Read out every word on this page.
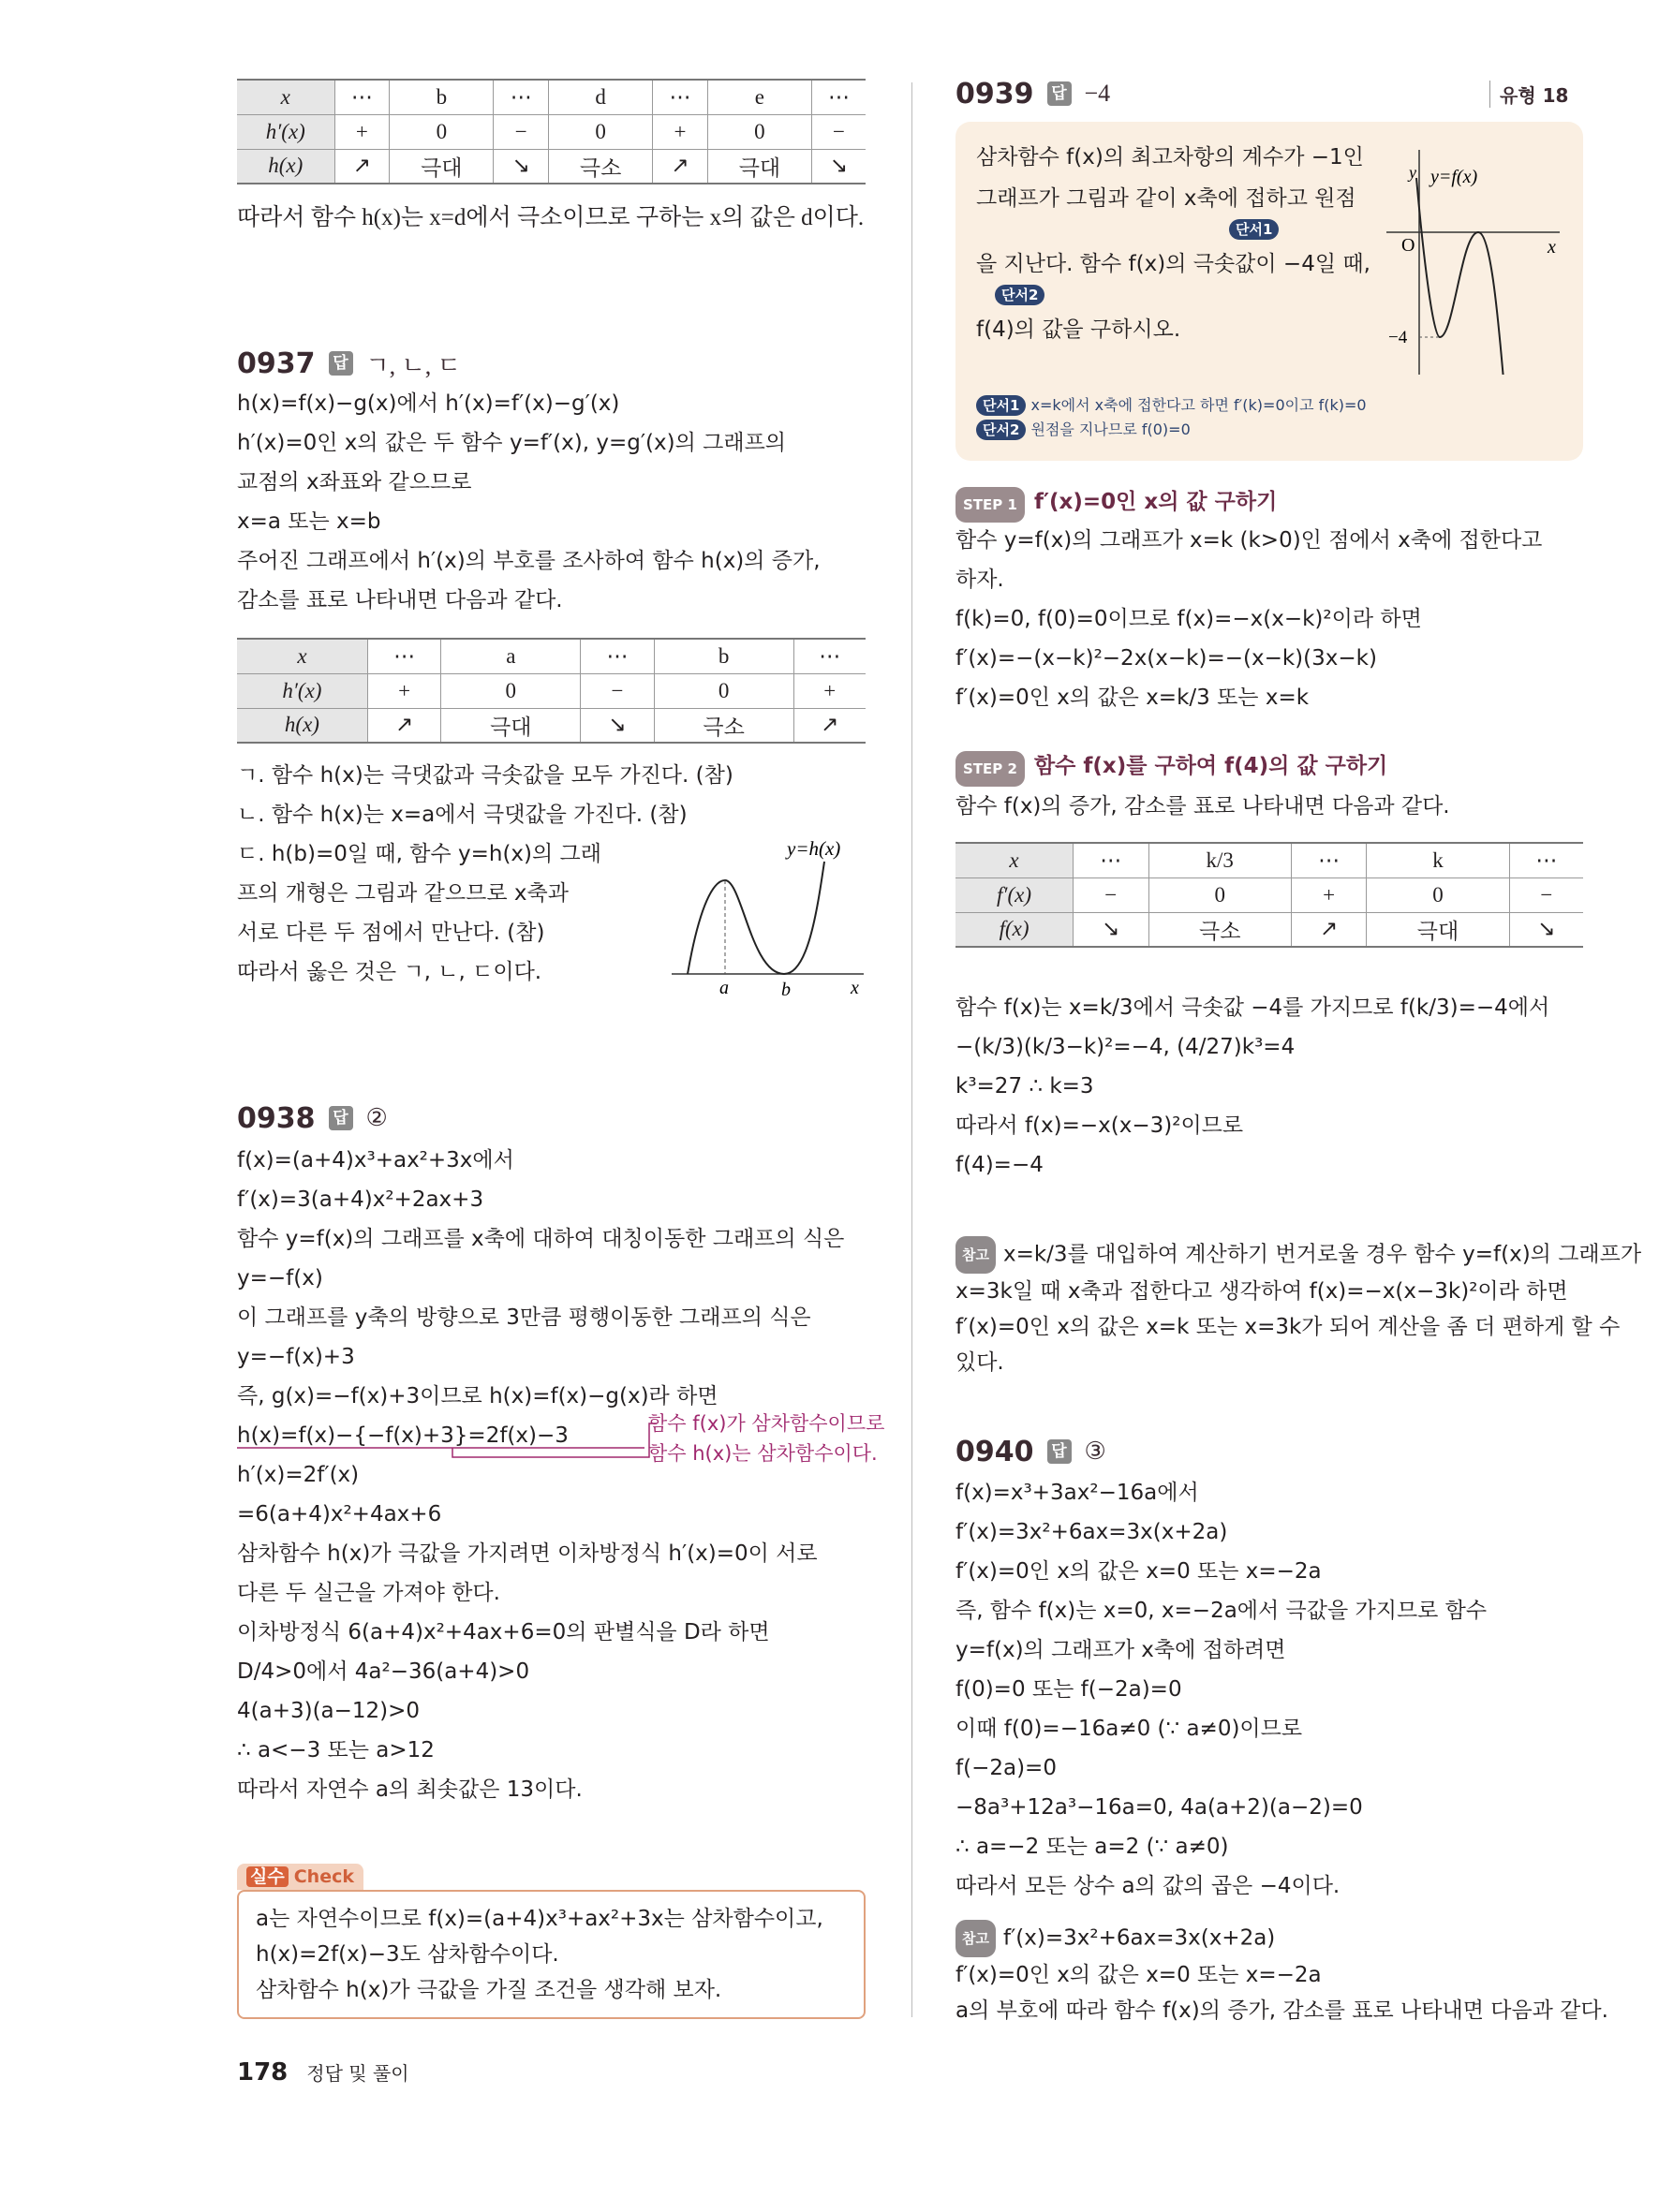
x	⋯	b	⋯	d	⋯	e	⋯
h′(x)	+	0	−	0	+	0	−
h(x)	↗	극대	↘	극소	↗	극대	↘
따라서 함수 h(x)는 x=d에서 극소이므로 구하는 x의 값은 d이다.
0937 답 ㄱ, ㄴ, ㄷ
h(x)=f(x)−g(x)에서 h′(x)=f′(x)−g′(x)
h′(x)=0인 x의 값은 두 함수 y=f′(x), y=g′(x)의 그래프의
교점의 x좌표와 같으므로
x=a 또는 x=b
주어진 그래프에서 h′(x)의 부호를 조사하여 함수 h(x)의 증가,
감소를 표로 나타내면 다음과 같다.
x	⋯	a	⋯	b	⋯
h′(x)	+	0	−	0	+
h(x)	↗	극대	↘	극소	↗
ㄱ. 함수 h(x)는 극댓값과 극솟값을 모두 가진다. (참)
ㄴ. 함수 h(x)는 x=a에서 극댓값을 가진다. (참)
ㄷ. h(b)=0일 때, 함수 y=h(x)의 그래
프의 개형은 그림과 같으므로 x축과
서로 다른 두 점에서 만난다. (참)
따라서 옳은 것은 ㄱ, ㄴ, ㄷ이다.
y=h(x)
a	b	x
0938 답 ②
f(x)=(a+4)x³+ax²+3x에서
f′(x)=3(a+4)x²+2ax+3
함수 y=f(x)의 그래프를 x축에 대하여 대칭이동한 그래프의 식은
y=−f(x)
이 그래프를 y축의 방향으로 3만큼 평행이동한 그래프의 식은
y=−f(x)+3
즉, g(x)=−f(x)+3이므로 h(x)=f(x)−g(x)라 하면
h(x)=f(x)−{−f(x)+3}=2f(x)−3
h′(x)=2f′(x)
=6(a+4)x²+4ax+6
삼차함수 h(x)가 극값을 가지려면 이차방정식 h′(x)=0이 서로
다른 두 실근을 가져야 한다.
이차방정식 6(a+4)x²+4ax+6=0의 판별식을 D라 하면
D/4>0에서 4a²−36(a+4)>0
4(a+3)(a−12)>0
∴ a<−3 또는 a>12
따라서 자연수 a의 최솟값은 13이다.
함수 f(x)가 삼차함수이므로
함수 h(x)는 삼차함수이다.
실수 Check
a는 자연수이므로 f(x)=(a+4)x³+ax²+3x는 삼차함수이고,
h(x)=2f(x)−3도 삼차함수이다.
삼차함수 h(x)가 극값을 가질 조건을 생각해 보자.
178 정답 및 풀이
0939 답 −4	유형 18
삼차함수 f(x)의 최고차항의 계수가 −1인
그래프가 그림과 같이 x축에 접하고 원점
단서1
을 지난다. 함수 f(x)의 극솟값이 −4일 때,
단서2
f(4)의 값을 구하시오.
y=f(x)
y
x
O
−4
단서1 x=k에서 x축에 접한다고 하면 f′(k)=0이고 f(k)=0
단서2 원점을 지나므로 f(0)=0
STEP 1 f′(x)=0인 x의 값 구하기
함수 y=f(x)의 그래프가 x=k (k>0)인 점에서 x축에 접한다고
하자.
f(k)=0, f(0)=0이므로 f(x)=−x(x−k)²이라 하면
f′(x)=−(x−k)²−2x(x−k)=−(x−k)(3x−k)
f′(x)=0인 x의 값은 x=k/3 또는 x=k
STEP 2 함수 f(x)를 구하여 f(4)의 값 구하기
함수 f(x)의 증가, 감소를 표로 나타내면 다음과 같다.
x	⋯	k/3	⋯	k	⋯
f′(x)	−	0	+	0	−
f(x)	↘	극소	↗	극대	↘
함수 f(x)는 x=k/3에서 극솟값 −4를 가지므로 f(k/3)=−4에서
−(k/3)(k/3−k)²=−4, (4/27)k³=4
k³=27 ∴ k=3
따라서 f(x)=−x(x−3)²이므로
f(4)=−4
참고 x=k/3를 대입하여 계산하기 번거로울 경우 함수 y=f(x)의 그래프가
x=3k일 때 x축과 접한다고 생각하여 f(x)=−x(x−3k)²이라 하면
f′(x)=0인 x의 값은 x=k 또는 x=3k가 되어 계산을 좀 더 편하게 할 수
있다.
0940 답 ③
f(x)=x³+3ax²−16a에서
f′(x)=3x²+6ax=3x(x+2a)
f′(x)=0인 x의 값은 x=0 또는 x=−2a
즉, 함수 f(x)는 x=0, x=−2a에서 극값을 가지므로 함수
y=f(x)의 그래프가 x축에 접하려면
f(0)=0 또는 f(−2a)=0
이때 f(0)=−16a≠0 (∵ a≠0)이므로
f(−2a)=0
−8a³+12a³−16a=0, 4a(a+2)(a−2)=0
∴ a=−2 또는 a=2 (∵ a≠0)
따라서 모든 상수 a의 값의 곱은 −4이다.
참고 f′(x)=3x²+6ax=3x(x+2a)
f′(x)=0인 x의 값은 x=0 또는 x=−2a
a의 부호에 따라 함수 f(x)의 증가, 감소를 표로 나타내면 다음과 같다.
